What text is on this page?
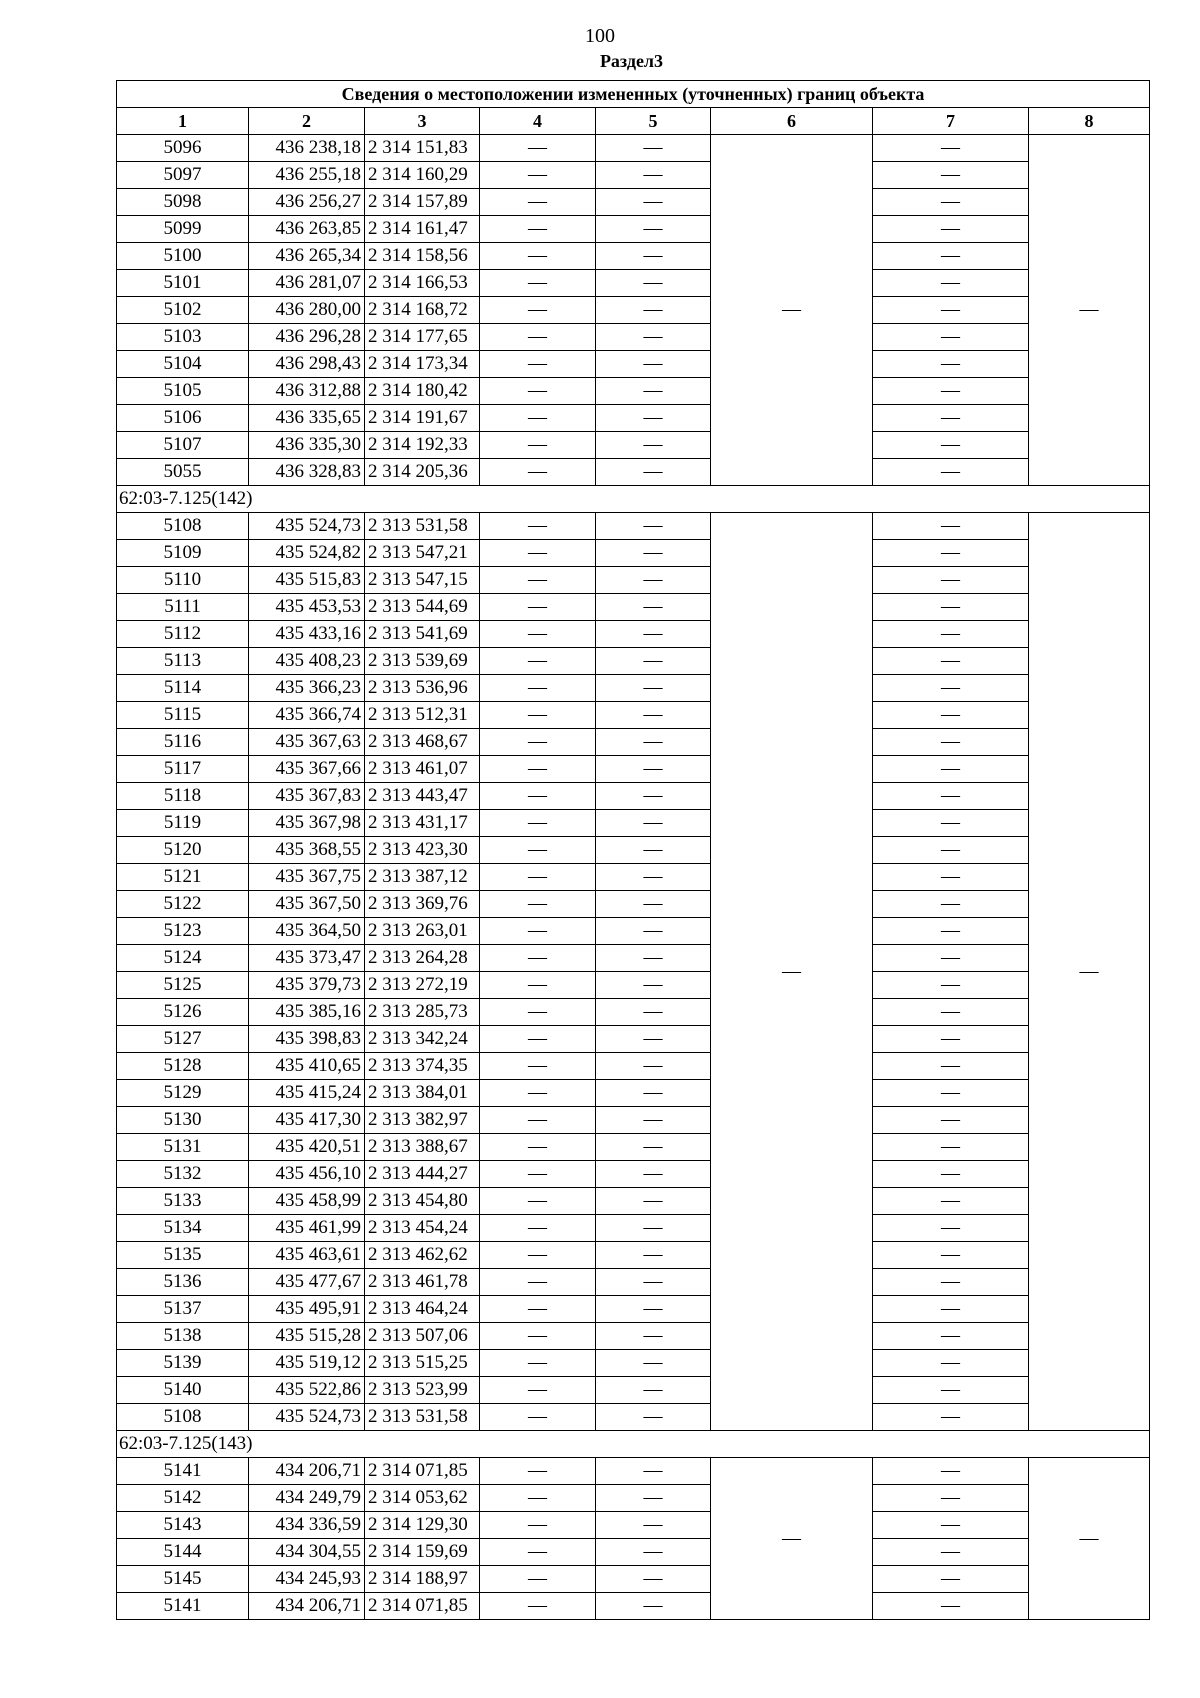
100
Раздел3
Сведения о местоположении измененных (уточненных) границ объекта							
1	2	3	4	5	6	7	8
5096	436 238,18	2 314 151,83	—	—	—	—	—
5097	436 255,18	2 314 160,29	—	—		—	
5098	436 256,27	2 314 157,89	—	—		—	
5099	436 263,85	2 314 161,47	—	—		—	
5100	436 265,34	2 314 158,56	—	—		—	
5101	436 281,07	2 314 166,53	—	—		—	
5102	436 280,00	2 314 168,72	—	—		—	
5103	436 296,28	2 314 177,65	—	—		—	
5104	436 298,43	2 314 173,34	—	—		—	
5105	436 312,88	2 314 180,42	—	—		—	
5106	436 335,65	2 314 191,67	—	—		—	
5107	436 335,30	2 314 192,33	—	—		—	
5055	436 328,83	2 314 205,36	—	—		—	
62:03-7.125(142)							
5108	435 524,73	2 313 531,58	—	—	—	—	—
5109	435 524,82	2 313 547,21	—	—		—	
5110	435 515,83	2 313 547,15	—	—		—	
5111	435 453,53	2 313 544,69	—	—		—	
5112	435 433,16	2 313 541,69	—	—		—	
5113	435 408,23	2 313 539,69	—	—		—	
5114	435 366,23	2 313 536,96	—	—		—	
5115	435 366,74	2 313 512,31	—	—		—	
5116	435 367,63	2 313 468,67	—	—		—	
5117	435 367,66	2 313 461,07	—	—		—	
5118	435 367,83	2 313 443,47	—	—		—	
5119	435 367,98	2 313 431,17	—	—		—	
5120	435 368,55	2 313 423,30	—	—		—	
5121	435 367,75	2 313 387,12	—	—		—	
5122	435 367,50	2 313 369,76	—	—		—	
5123	435 364,50	2 313 263,01	—	—		—	
5124	435 373,47	2 313 264,28	—	—		—	
5125	435 379,73	2 313 272,19	—	—		—	
5126	435 385,16	2 313 285,73	—	—		—	
5127	435 398,83	2 313 342,24	—	—		—	
5128	435 410,65	2 313 374,35	—	—		—	
5129	435 415,24	2 313 384,01	—	—		—	
5130	435 417,30	2 313 382,97	—	—		—	
5131	435 420,51	2 313 388,67	—	—		—	
5132	435 456,10	2 313 444,27	—	—		—	
5133	435 458,99	2 313 454,80	—	—		—	
5134	435 461,99	2 313 454,24	—	—		—	
5135	435 463,61	2 313 462,62	—	—		—	
5136	435 477,67	2 313 461,78	—	—		—	
5137	435 495,91	2 313 464,24	—	—		—	
5138	435 515,28	2 313 507,06	—	—		—	
5139	435 519,12	2 313 515,25	—	—		—	
5140	435 522,86	2 313 523,99	—	—		—	
5108	435 524,73	2 313 531,58	—	—		—	
62:03-7.125(143)							
5141	434 206,71	2 314 071,85	—	—	—	—	—
5142	434 249,79	2 314 053,62	—	—		—	
5143	434 336,59	2 314 129,30	—	—		—	
5144	434 304,55	2 314 159,69	—	—		—	
5145	434 245,93	2 314 188,97	—	—		—	
5141	434 206,71	2 314 071,85	—	—		—	
